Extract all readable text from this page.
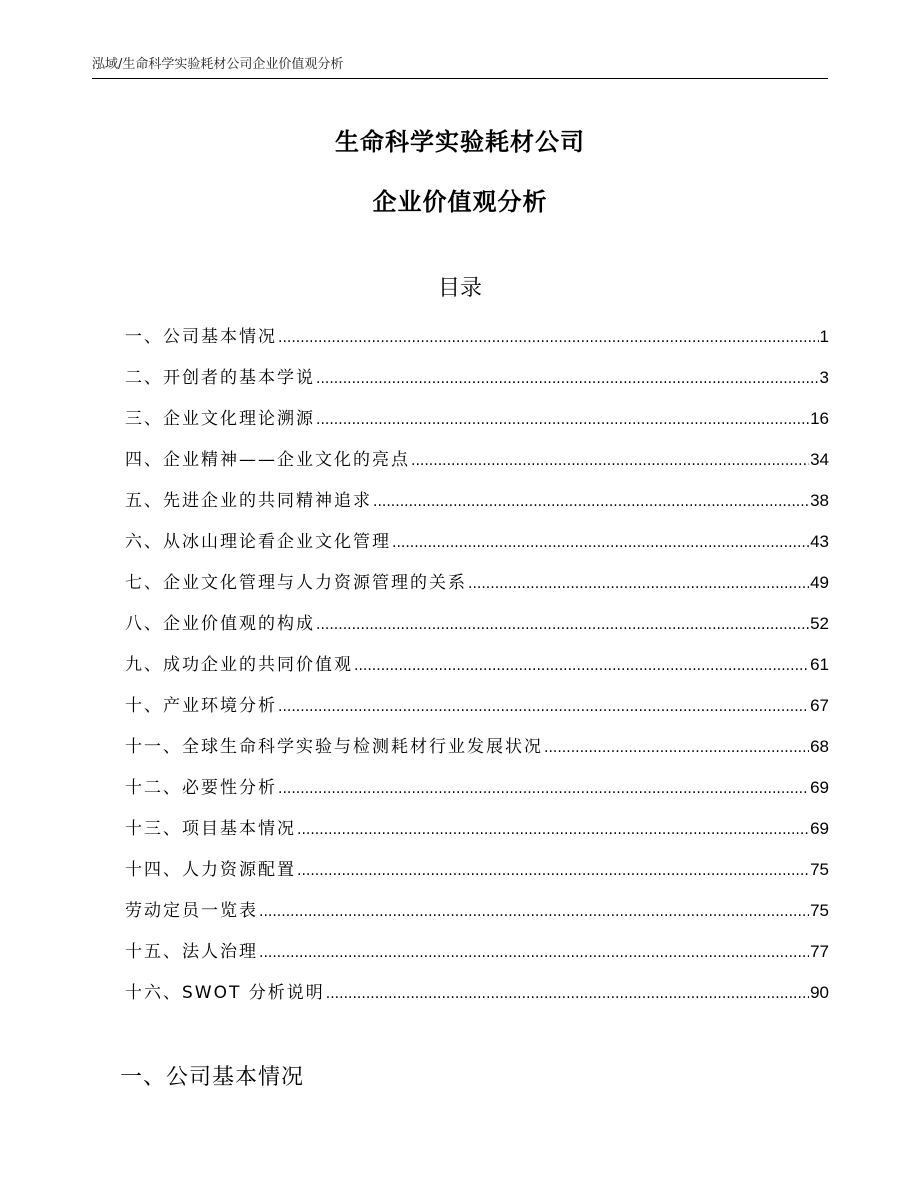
泓域/生命科学实验耗材公司企业价值观分析
生命科学实验耗材公司
企业价值观分析
目录
一、 公司基本情况 .....	1
二、 开创者的基本学说 .....	3
三、 企业文化理论溯源 .....	16
四、 企业精神——企业文化的亮点 .....	34
五、 先进企业的共同精神追求 .....	38
六、 从冰山理论看企业文化管理 .....	43
七、 企业文化管理与人力资源管理的关系 .....	49
八、 企业价值观的构成 .....	52
九、 成功企业的共同价值观 .....	61
十、 产业环境分析 .....	67
十一、 全球生命科学实验与检测耗材行业发展状况 .....	68
十二、 必要性分析 .....	69
十三、 项目基本情况 .....	69
十四、 人力资源配置 .....	75
劳动定员一览表 .....	75
十五、 法人治理 .....	77
十六、 SWOT 分析说明 .....	90
一、公司基本情况
